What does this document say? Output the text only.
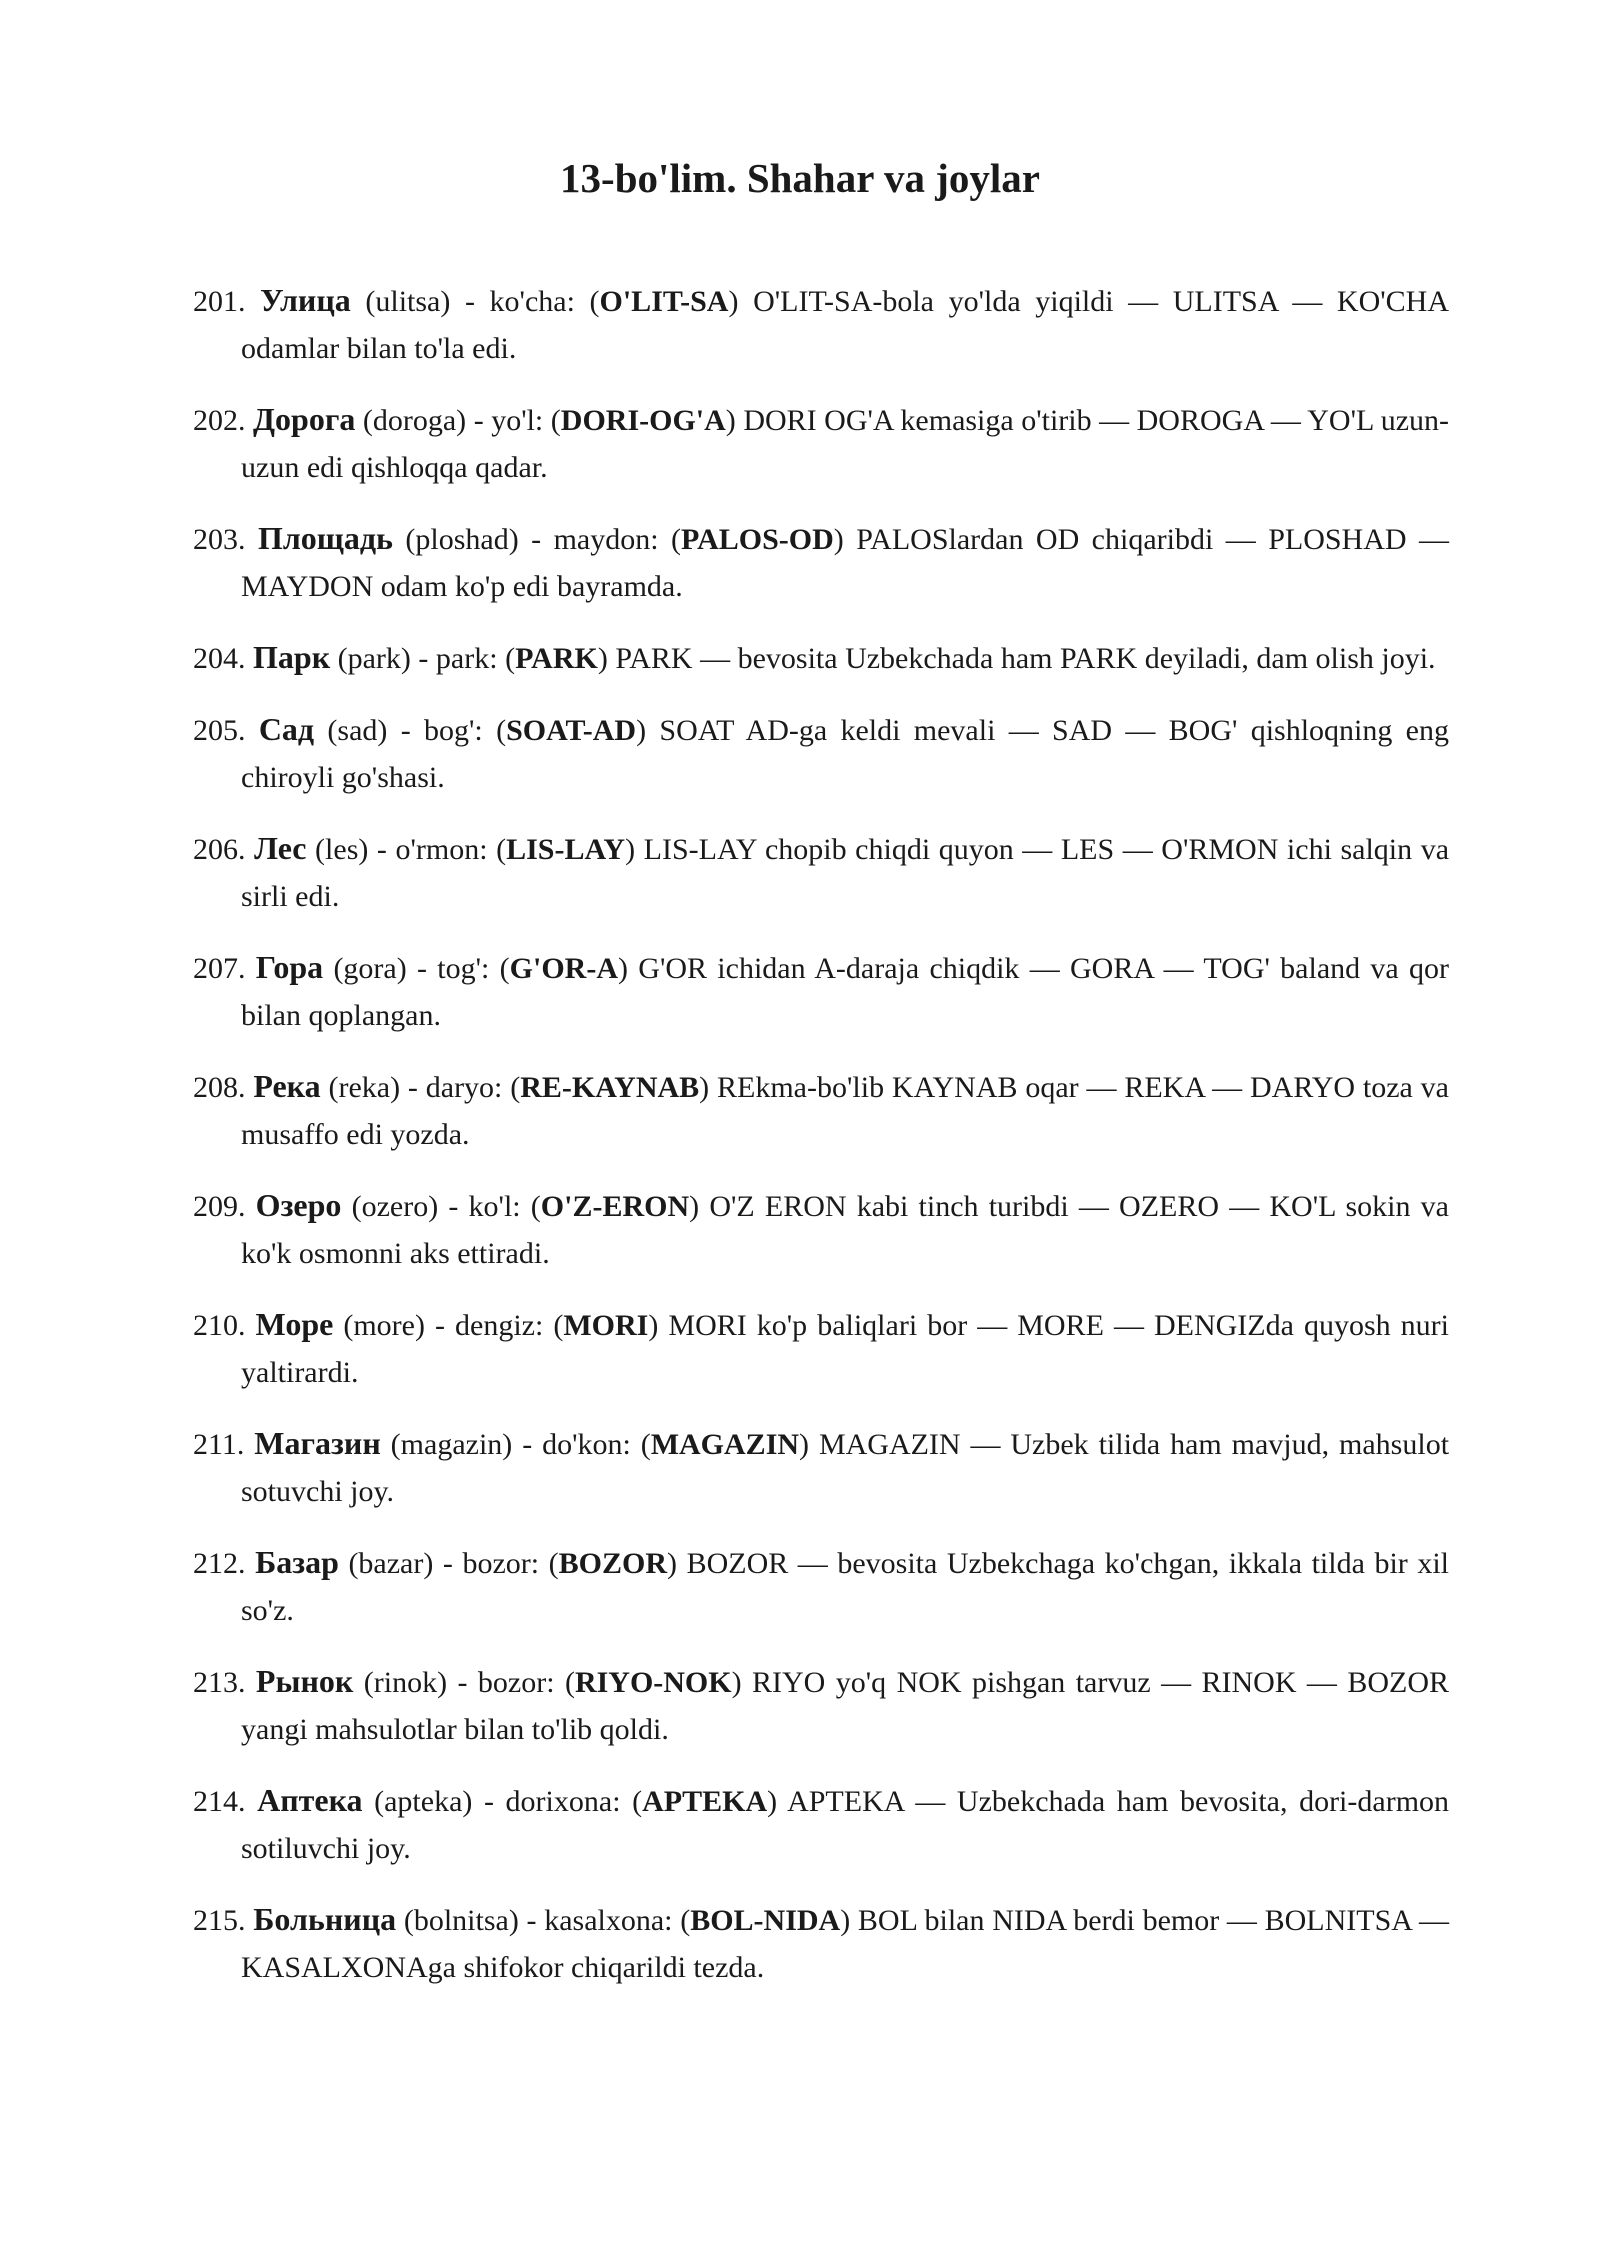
13-bo'lim. Shahar va joylar

201. Улица (ulitsa) - ko'cha: (O'LIT-SA) O'LIT-SA-bola yo'lda yiqildi — ULITSA — KO'CHA odamlar bilan to'la edi.

202. Дорога (doroga) - yo'l: (DORI-OG'A) DORI OG'A kemasiga o'tirib — DOROGA — YO'L uzun-uzun edi qishloqqa qadar.

203. Площадь (ploshad) - maydon: (PALOS-OD) PALOSlardan OD chiqaribdi — PLOSHAD — MAYDON odam ko'p edi bayramda.

204. Парк (park) - park: (PARK) PARK — bevosita Uzbekchada ham PARK deyiladi, dam olish joyi.

205. Сад (sad) - bog': (SOAT-AD) SOAT AD-ga keldi mevali — SAD — BOG' qishloqning eng chiroyli go'shasi.

206. Лес (les) - o'rmon: (LIS-LAY) LIS-LAY chopib chiqdi quyon — LES — O'RMON ichi salqin va sirli edi.

207. Гора (gora) - tog': (G'OR-A) G'OR ichidan A-daraja chiqdik — GORA — TOG' baland va qor bilan qoplangan.

208. Река (reka) - daryo: (RE-KAYNAB) REkma-bo'lib KAYNAB oqar — REKA — DARYO toza va musaffo edi yozda.

209. Озеро (ozero) - ko'l: (O'Z-ERON) O'Z ERON kabi tinch turibdi — OZERO — KO'L sokin va ko'k osmonni aks ettiradi.

210. Море (more) - dengiz: (MORI) MORI ko'p baliqlari bor — MORE — DENGIZda quyosh nuri yaltirardi.

211. Магазин (magazin) - do'kon: (MAGAZIN) MAGAZIN — Uzbek tilida ham mavjud, mahsulot sotuvchi joy.

212. Базар (bazar) - bozor: (BOZOR) BOZOR — bevosita Uzbekchaga ko'chgan, ikkala tilda bir xil so'z.

213. Рынок (rinok) - bozor: (RIYO-NOK) RIYO yo'q NOK pishgan tarvuz — RINOK — BOZOR yangi mahsulotlar bilan to'lib qoldi.

214. Аптека (apteka) - dorixona: (APTEKA) APTEKA — Uzbekchada ham bevosita, dori-darmon sotiluvchi joy.

215. Больница (bolnitsa) - kasalxona: (BOL-NIDA) BOL bilan NIDA berdi bemor — BOLNITSA — KASALXONAga shifokor chiqarildi tezda.
